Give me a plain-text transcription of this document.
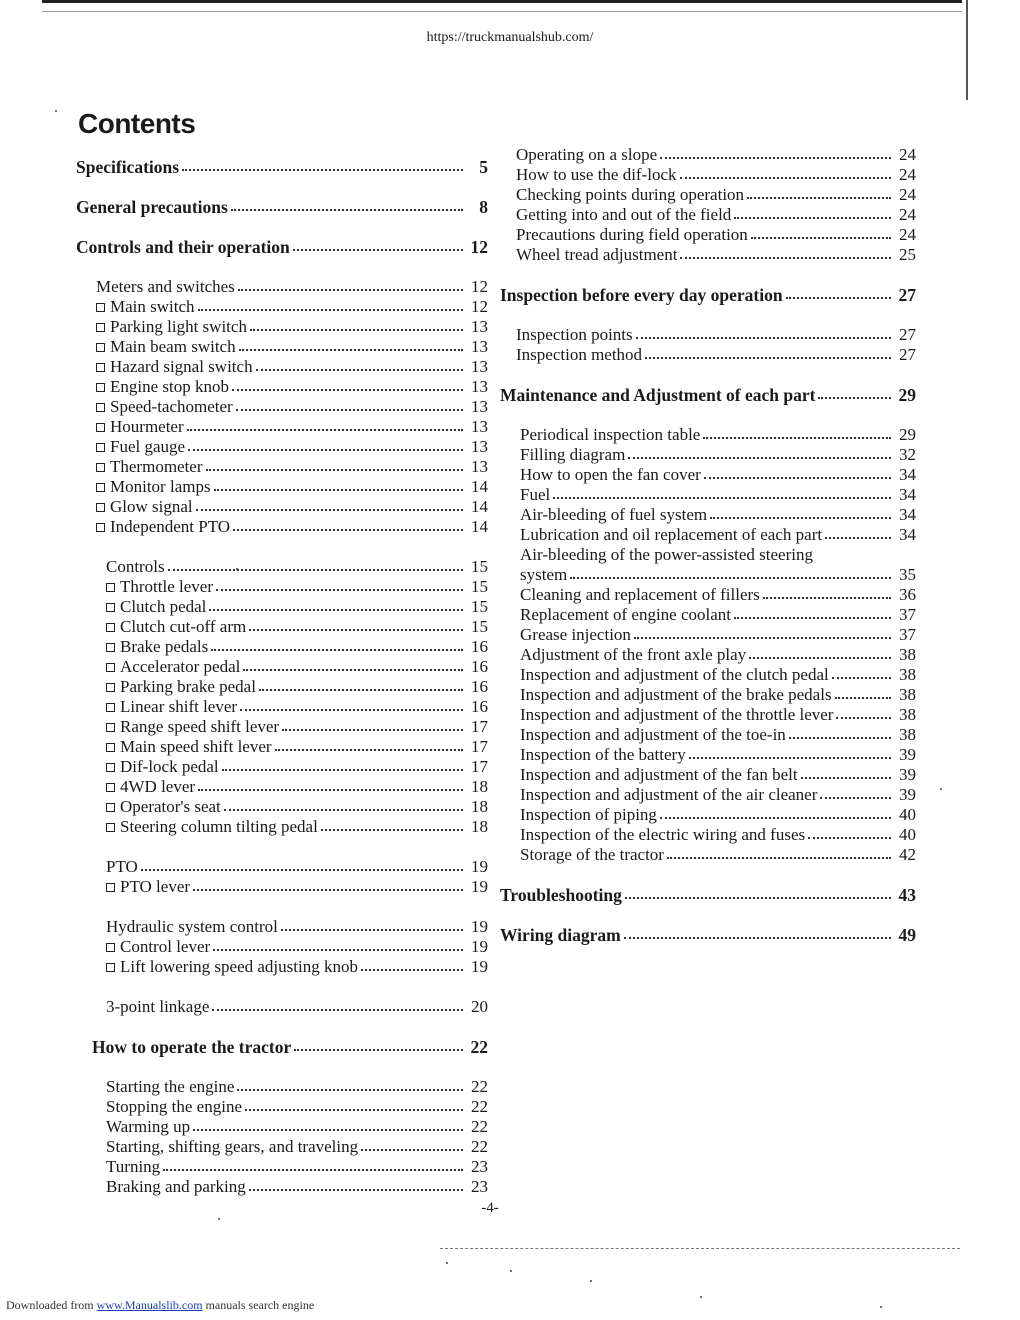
https://truckmanualshub.com/
Contents
Specifications	5
General precautions	8
Controls and their operation	12
Meters and switches	12
Main switch	12
Parking light switch	13
Main beam switch	13
Hazard signal switch	13
Engine stop knob	13
Speed-tachometer	13
Hourmeter	13
Fuel gauge	13
Thermometer	13
Monitor lamps	14
Glow signal	14
Independent PTO	14
Controls	15
Throttle lever	15
Clutch pedal	15
Clutch cut-off arm	15
Brake pedals	16
Accelerator pedal	16
Parking brake pedal	16
Linear shift lever	16
Range speed shift lever	17
Main speed shift lever	17
Dif-lock pedal	17
4WD lever	18
Operator's seat	18
Steering column tilting pedal	18
PTO	19
PTO lever	19
Hydraulic system control	19
Control lever	19
Lift lowering speed adjusting knob	19
3-point linkage	20
How to operate the tractor	22
Starting the engine	22
Stopping the engine	22
Warming up	22
Starting, shifting gears, and traveling	22
Turning	23
Braking and parking	23
Operating on a slope	24
How to use the dif-lock	24
Checking points during operation	24
Getting into and out of the field	24
Precautions during field operation	24
Wheel tread adjustment	25
Inspection before every day operation	27
Inspection points	27
Inspection method	27
Maintenance and Adjustment of each part	29
Periodical inspection table	29
Filling diagram	32
How to open the fan cover	34
Fuel	34
Air-bleeding of fuel system	34
Lubrication and oil replacement of each part	34
Air-bleeding of the power-assisted steering
system	35
Cleaning and replacement of fillers	36
Replacement of engine coolant	37
Grease injection	37
Adjustment of the front axle play	38
Inspection and adjustment of the clutch pedal	38
Inspection and adjustment of the brake pedals	38
Inspection and adjustment of the throttle lever	38
Inspection and adjustment of the toe-in	38
Inspection of the battery	39
Inspection and adjustment of the fan belt	39
Inspection and adjustment of the air cleaner	39
Inspection of piping	40
Inspection of the electric wiring and fuses	40
Storage of the tractor	42
Troubleshooting	43
Wiring diagram	49
-4-
Downloaded from www.Manualslib.com manuals search engine
